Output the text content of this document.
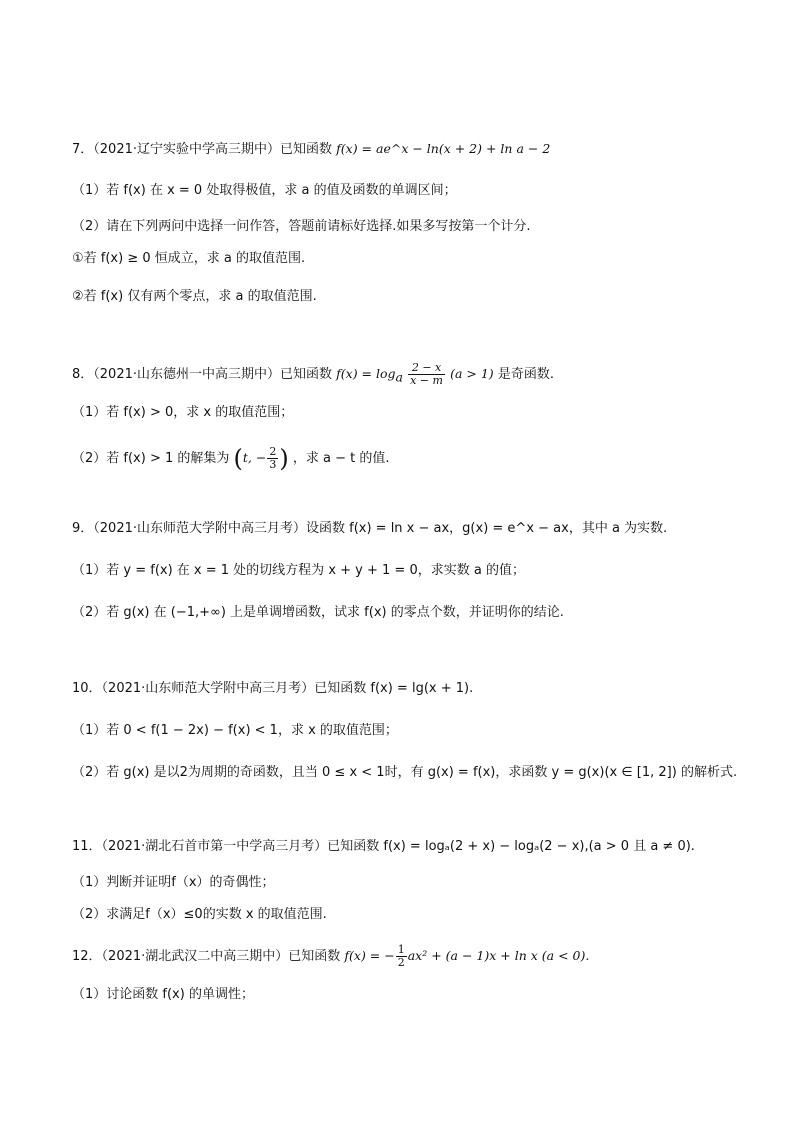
7．（2021·辽宁实验中学高三期中）已知函数 f(x) = ae^x − ln(x + 2) + ln a − 2
（1）若 f(x) 在 x = 0 处取得极值，求 a 的值及函数的单调区间；
（2）请在下列两问中选择一问作答，答题前请标好选择.如果多写按第一个计分.
①若 f(x) ≥ 0 恒成立，求 a 的取值范围.
②若 f(x) 仅有两个零点，求 a 的取值范围.
8．（2021·山东德州一中高三期中）已知函数 $f(x) = \log_a \frac{2 - x}{x - m} (a > 1)$ 是奇函数.
（1）若 f(x) > 0，求 x 的取值范围；
（2）若 f(x) > 1 的解集为 (t, − $\frac{2}{3}$ ) ，求 a − t 的值.
9．（2021·山东师范大学附中高三月考）设函数 f(x) = ln x − ax，g(x) = e^x − ax，其中 a 为实数.
（1）若 y = f(x) 在 x = 1 处的切线方程为 x + y + 1 = 0，求实数 a 的值；
（2）若 g(x) 在 (−1,+∞) 上是单调增函数，试求 f(x) 的零点个数，并证明你的结论.
10．（2021·山东师范大学附中高三月考）已知函数 f(x) = lg(x + 1).
（1）若 0 < f(1 − 2x) − f(x) < 1，求 x 的取值范围；
（2）若 g(x) 是以2为周期的奇函数，且当 0 ≤ x < 1时，有 g(x) = f(x)，求函数 y = g(x)(x ∈ [1, 2]) 的解析式.
11．（2021·湖北石首市第一中学高三月考）已知函数 f(x) = logₐ(2 + x) − logₐ(2 − x),(a > 0 且 a ≠ 0).
（1）判断并证明f（x）的奇偶性；
（2）求满足f（x）≤0的实数 x 的取值范围.
12．（2021·湖北武汉二中高三期中）已知函数 f(x) = − $\frac{1}{2} ax^2 + (a - 1)x + \ln x$ (a < 0).
（1）讨论函数 f(x) 的单调性；
